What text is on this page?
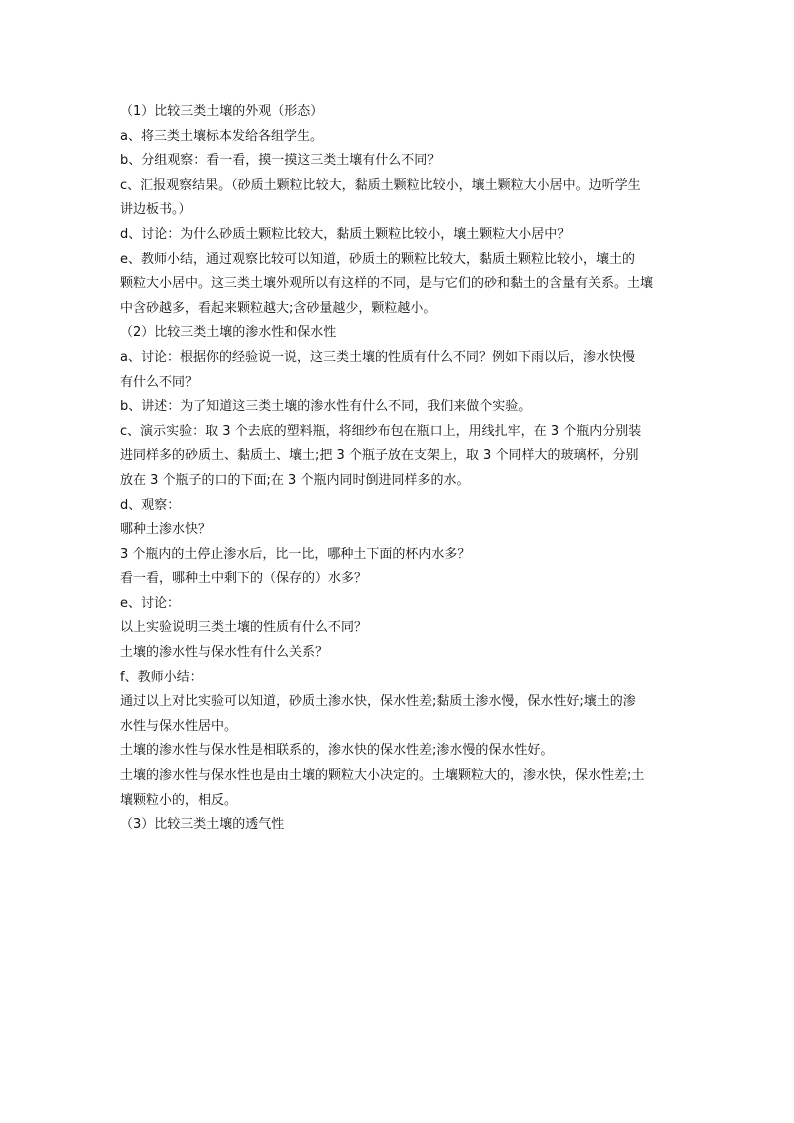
（1）比较三类土壤的外观（形态）

a、将三类土壤标本发给各组学生。

b、分组观察：看一看，摸一摸这三类土壤有什么不同？

c、汇报观察结果。（砂质土颗粒比较大，黏质土颗粒比较小，壤土颗粒大小居中。边听学生

讲边板书。）

d、讨论：为什么砂质土颗粒比较大，黏质土颗粒比较小，壤土颗粒大小居中？

e、教师小结，通过观察比较可以知道，砂质土的颗粒比较大，黏质土颗粒比较小，壤土的

颗粒大小居中。这三类土壤外观所以有这样的不同，是与它们的砂和黏土的含量有关系。土壤

中含砂越多，看起来颗粒越大;含砂量越少，颗粒越小。

（2）比较三类土壤的渗水性和保水性

a、讨论：根据你的经验说一说，这三类土壤的性质有什么不同？例如下雨以后，渗水快慢

有什么不同？

b、讲述：为了知道这三类土壤的渗水性有什么不同，我们来做个实验。

c、演示实验：取 3 个去底的塑料瓶，将细纱布包在瓶口上，用线扎牢，在 3 个瓶内分别装

进同样多的砂质土、黏质土、壤土;把 3 个瓶子放在支架上，取 3 个同样大的玻璃杯，分别

放在 3 个瓶子的口的下面;在 3 个瓶内同时倒进同样多的水。

d、观察：

哪种土渗水快？

3 个瓶内的土停止渗水后，比一比，哪种土下面的杯内水多？

看一看，哪种土中剩下的（保存的）水多？

e、讨论：

以上实验说明三类土壤的性质有什么不同？

土壤的渗水性与保水性有什么关系？

f、教师小结：

通过以上对比实验可以知道，砂质土渗水快，保水性差;黏质土渗水慢，保水性好;壤土的渗

水性与保水性居中。

土壤的渗水性与保水性是相联系的，渗水快的保水性差;渗水慢的保水性好。

土壤的渗水性与保水性也是由土壤的颗粒大小决定的。土壤颗粒大的，渗水快，保水性差;土

壤颗粒小的，相反。

（3）比较三类土壤的透气性
